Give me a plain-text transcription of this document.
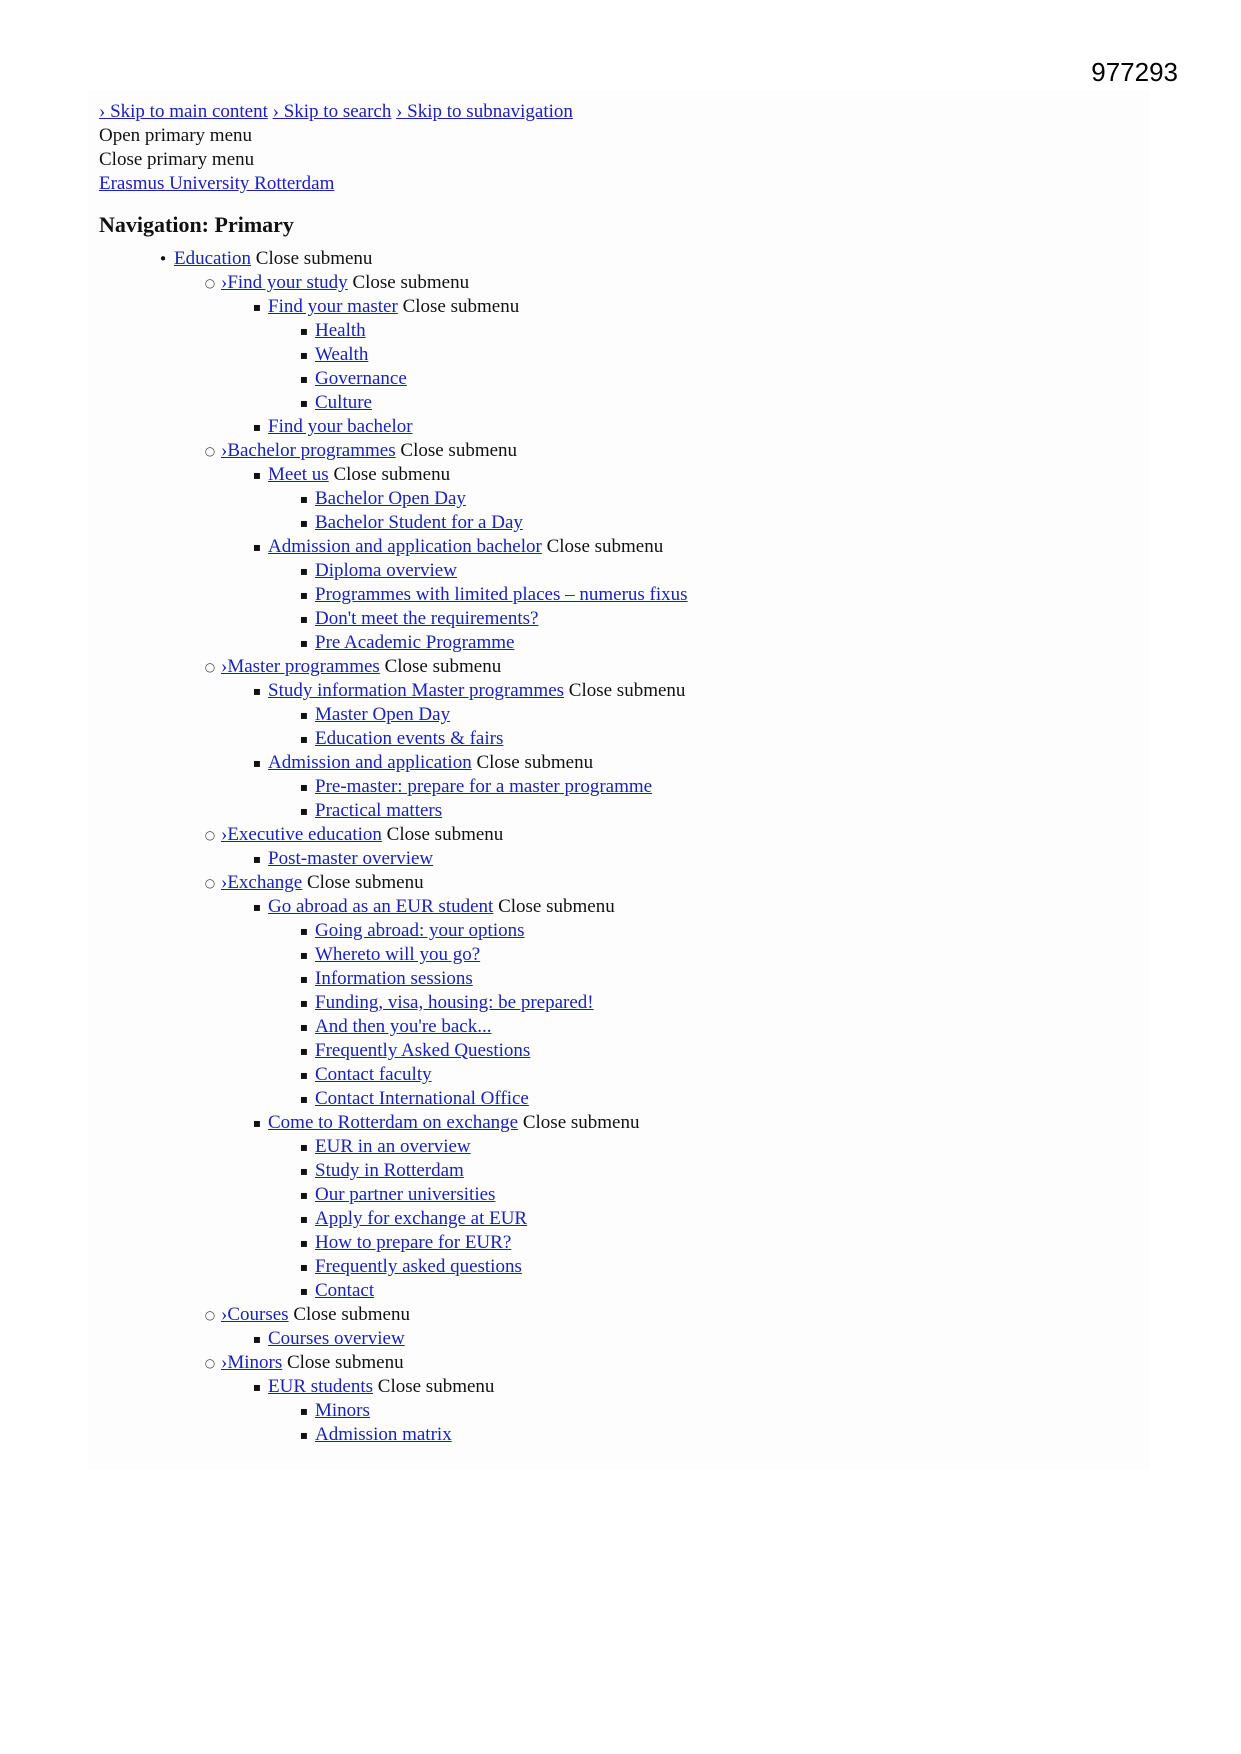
977293
› Skip to main content › Skip to search › Skip to subnavigation
Open primary menu
Close primary menu
Erasmus University Rotterdam
Navigation: Primary
• Education Close submenu
○ ›Find your study Close submenu
▪ Find your master Close submenu
▪ Health
▪ Wealth
▪ Governance
▪ Culture
▪ Find your bachelor
○ ›Bachelor programmes Close submenu
▪ Meet us Close submenu
▪ Bachelor Open Day
▪ Bachelor Student for a Day
▪ Admission and application bachelor Close submenu
▪ Diploma overview
▪ Programmes with limited places – numerus fixus
▪ Don't meet the requirements?
▪ Pre Academic Programme
○ ›Master programmes Close submenu
▪ Study information Master programmes Close submenu
▪ Master Open Day
▪ Education events & fairs
▪ Admission and application Close submenu
▪ Pre-master: prepare for a master programme
▪ Practical matters
○ ›Executive education Close submenu
▪ Post-master overview
○ ›Exchange Close submenu
▪ Go abroad as an EUR student Close submenu
▪ Going abroad: your options
▪ Whereto will you go?
▪ Information sessions
▪ Funding, visa, housing: be prepared!
▪ And then you're back...
▪ Frequently Asked Questions
▪ Contact faculty
▪ Contact International Office
▪ Come to Rotterdam on exchange Close submenu
▪ EUR in an overview
▪ Study in Rotterdam
▪ Our partner universities
▪ Apply for exchange at EUR
▪ How to prepare for EUR?
▪ Frequently asked questions
▪ Contact
○ ›Courses Close submenu
▪ Courses overview
○ ›Minors Close submenu
▪ EUR students Close submenu
▪ Minors
▪ Admission matrix
